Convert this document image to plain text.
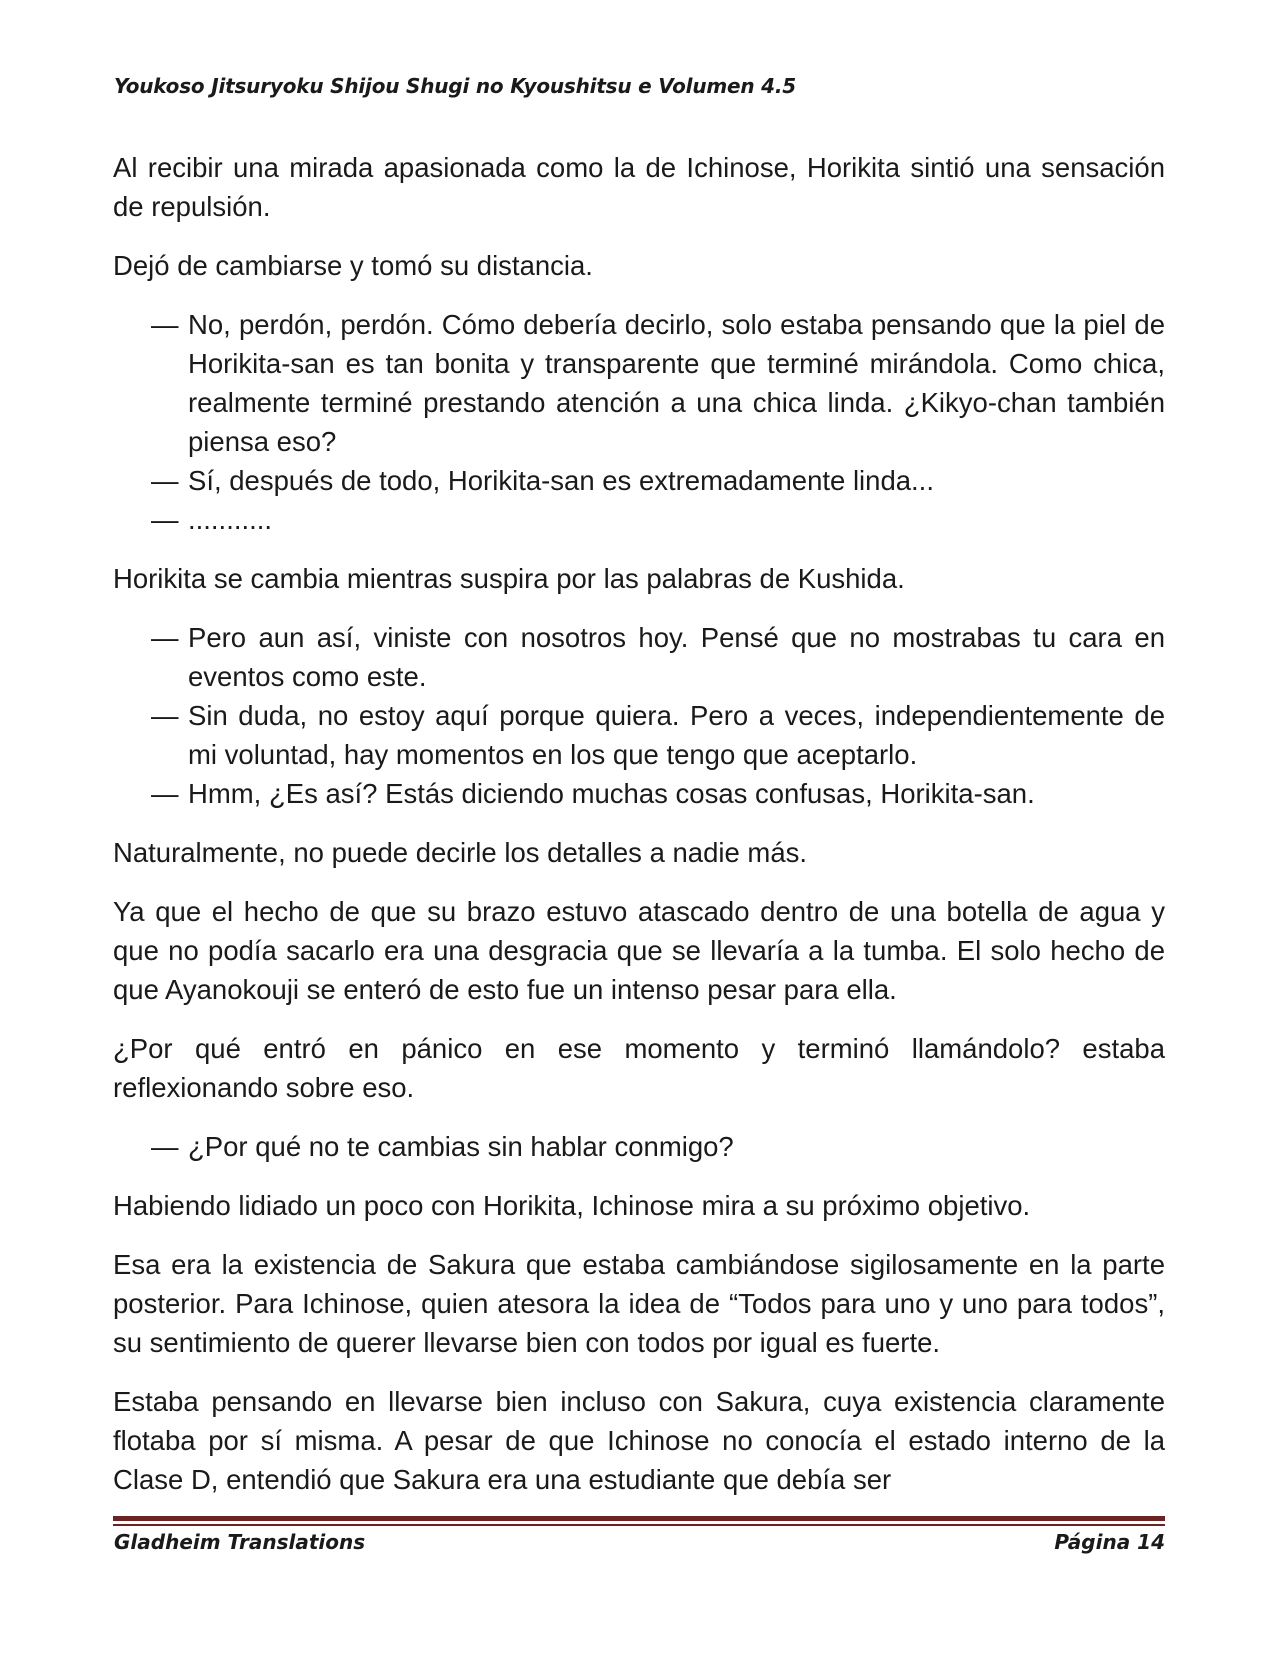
Youkoso Jitsuryoku Shijou Shugi no Kyoushitsu e Volumen 4.5

Al recibir una mirada apasionada como la de Ichinose, Horikita sintió una sensación de repulsión.

Dejó de cambiarse y tomó su distancia.

— No, perdón, perdón. Cómo debería decirlo, solo estaba pensando que la piel de Horikita-san es tan bonita y transparente que terminé mirándola. Como chica, realmente terminé prestando atención a una chica linda. ¿Kikyo-chan también piensa eso?
— Sí, después de todo, Horikita-san es extremadamente linda...
— ...........

Horikita se cambia mientras suspira por las palabras de Kushida.

— Pero aun así, viniste con nosotros hoy. Pensé que no mostrabas tu cara en eventos como este.
— Sin duda, no estoy aquí porque quiera. Pero a veces, independientemente de mi voluntad, hay momentos en los que tengo que aceptarlo.
— Hmm, ¿Es así? Estás diciendo muchas cosas confusas, Horikita-san.

Naturalmente, no puede decirle los detalles a nadie más.

Ya que el hecho de que su brazo estuvo atascado dentro de una botella de agua y que no podía sacarlo era una desgracia que se llevaría a la tumba. El solo hecho de que Ayanokouji se enteró de esto fue un intenso pesar para ella.

¿Por qué entró en pánico en ese momento y terminó llamándolo? estaba reflexionando sobre eso.

— ¿Por qué no te cambias sin hablar conmigo?

Habiendo lidiado un poco con Horikita, Ichinose mira a su próximo objetivo.

Esa era la existencia de Sakura que estaba cambiándose sigilosamente en la parte posterior. Para Ichinose, quien atesora la idea de “Todos para uno y uno para todos”, su sentimiento de querer llevarse bien con todos por igual es fuerte.

Estaba pensando en llevarse bien incluso con Sakura, cuya existencia claramente flotaba por sí misma. A pesar de que Ichinose no conocía el estado interno de la Clase D, entendió que Sakura era una estudiante que debía ser

Gladheim Translations	Página 14
